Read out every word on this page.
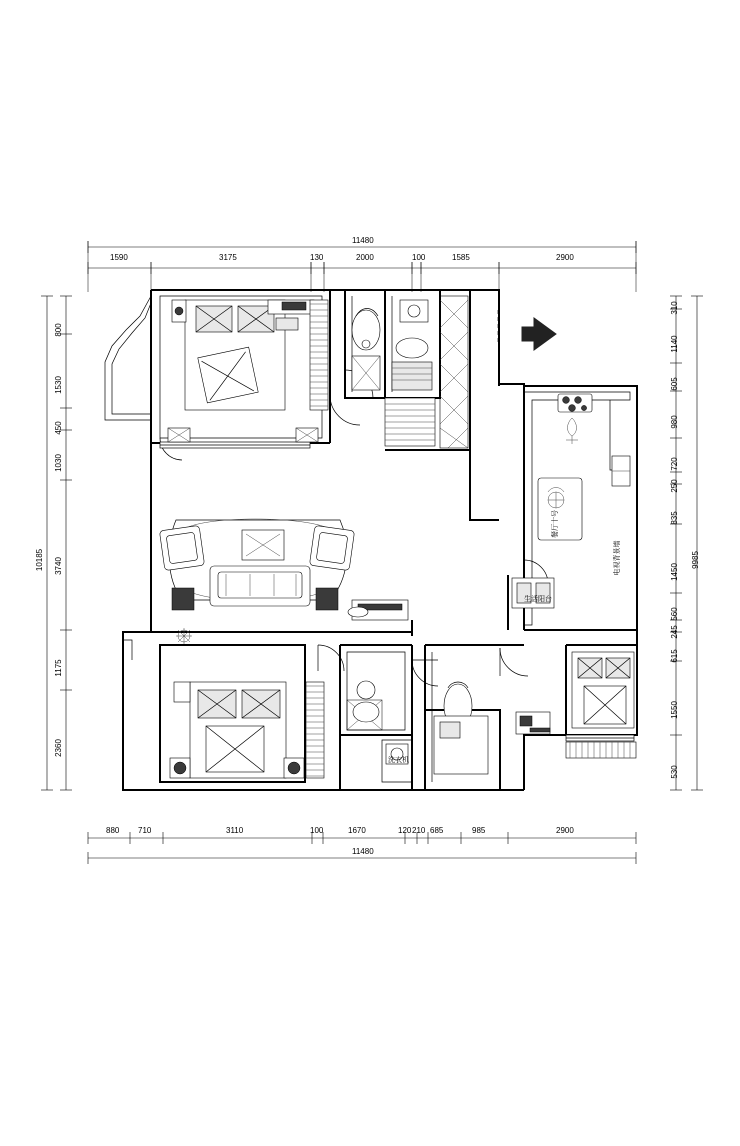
11480
1590	3175	130	2000	100	1585	2900
880 710	3110	100	1670	120 210 685	985	2900
11480
10185
800
1530
450
1030
3740
1175
2360
9985
310
1140
605
980
720
250
835
1450
560
245
615
1550
530
餐厅十号
电视背景墙
生活阳台
洗衣机
